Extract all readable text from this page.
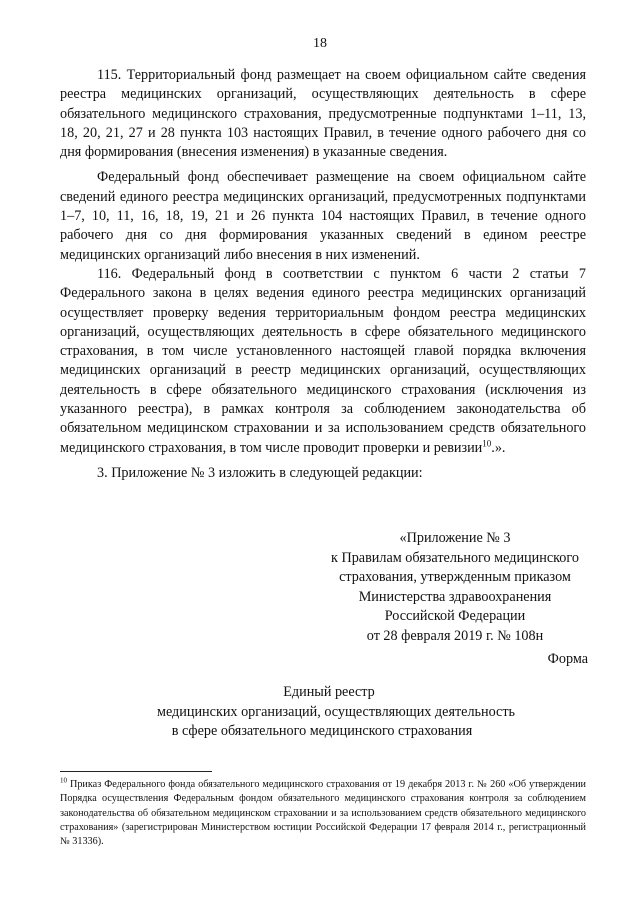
18

115. Территориальный фонд размещает на своем официальном сайте сведения реестра медицинских организаций, осуществляющих деятельность в сфере обязательного медицинского страхования, предусмотренные подпунктами 1–11, 13, 18, 20, 21, 27 и 28 пункта 103 настоящих Правил, в течение одного рабочего дня со дня формирования (внесения изменения) в указанные сведения.

Федеральный фонд обеспечивает размещение на своем официальном сайте сведений единого реестра медицинских организаций, предусмотренных подпунктами 1–7, 10, 11, 16, 18, 19, 21 и 26 пункта 104 настоящих Правил, в течение одного рабочего дня со дня формирования указанных сведений в едином реестре медицинских организаций либо внесения в них изменений.

116. Федеральный фонд в соответствии с пунктом 6 части 2 статьи 7 Федерального закона в целях ведения единого реестра медицинских организаций осуществляет проверку ведения территориальным фондом реестра медицинских организаций, осуществляющих деятельность в сфере обязательного медицинского страхования, в том числе установленного настоящей главой порядка включения медицинских организаций в реестр медицинских организаций, осуществляющих деятельность в сфере обязательного медицинского страхования (исключения из указанного реестра), в рамках контроля за соблюдением законодательства об обязательном медицинском страховании и за использованием средств обязательного медицинского страхования, в том числе проводит проверки и ревизии$^{10}$.».

3. Приложение № 3 изложить в следующей редакции:

«Приложение № 3
к Правилам обязательного медицинского
страхования, утвержденным приказом
Министерства здравоохранения
Российской Федерации
от 28 февраля 2019 г. № 108н
Форма
Единый реестр
медицинских организаций, осуществляющих деятельность
в сфере обязательного медицинского страхования
$^{10}$ Приказ Федерального фонда обязательного медицинского страхования от 19 декабря 2013 г. № 260 «Об утверждении Порядка осуществления Федеральным фондом обязательного медицинского страхования контроля за соблюдением законодательства об обязательном медицинском страховании и за использованием средств обязательного медицинского страхования» (зарегистрирован Министерством юстиции Российской Федерации 17 февраля 2014 г., регистрационный № 31336).
